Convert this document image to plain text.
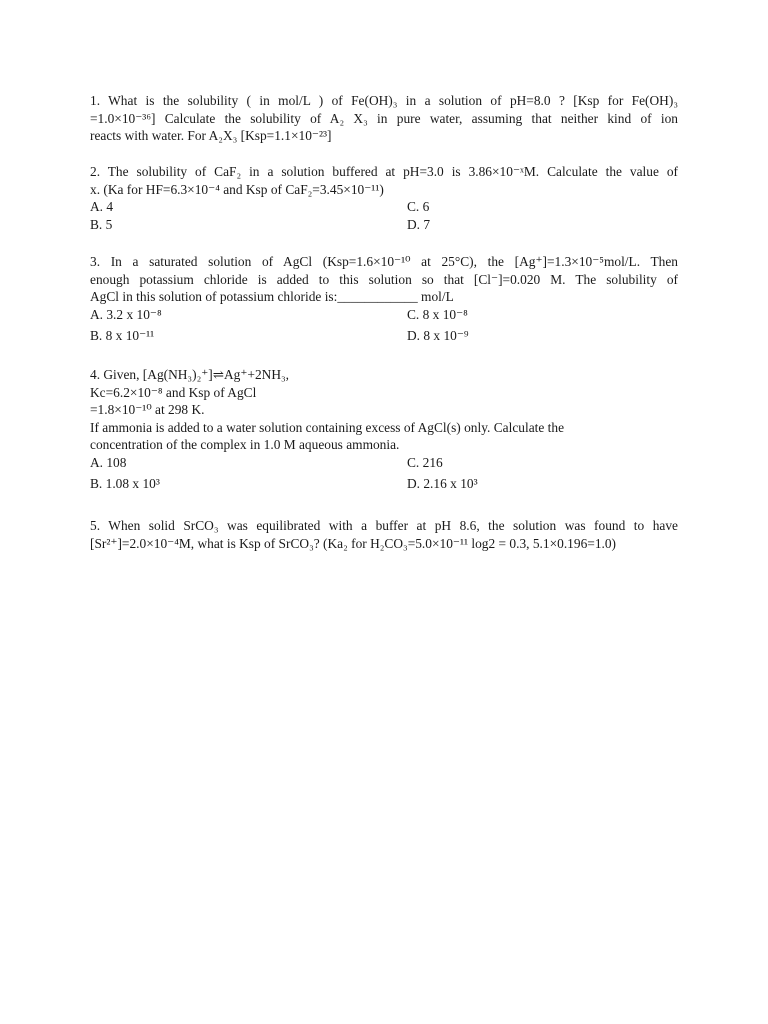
1. What is the solubility ( in mol/L ) of Fe(OH)₃ in a solution of pH=8.0 ? [Ksp for Fe(OH)₃

=1.0×10⁻³⁶] Calculate the solubility of A₂ X₃ in pure water, assuming that neither kind of ion

reacts with water. For A₂X₃ [Ksp=1.1×10⁻²³]

2. The solubility of CaF₂ in a solution buffered at pH=3.0 is 3.86×10⁻ˣM. Calculate the value of

x. (Ka for HF=6.3×10⁻⁴ and Ksp of CaF₂=3.45×10⁻¹¹)

A. 4	C. 6
B. 5	D. 7

3. In a saturated solution of AgCl (Ksp=1.6×10⁻¹⁰ at 25°C), the [Ag⁺]=1.3×10⁻⁵mol/L. Then

enough potassium chloride is added to this solution so that [Cl⁻]=0.020 M. The solubility of

AgCl in this solution of potassium chloride is:____________ mol/L

A. 3.2 x 10⁻⁸	C. 8 x 10⁻⁸
B. 8 x 10⁻¹¹	D. 8 x 10⁻⁹

4. Given, [Ag(NH₃)₂⁺]⇌Ag⁺+2NH₃,

Kc=6.2×10⁻⁸ and Ksp of AgCl

=1.8×10⁻¹⁰ at 298 K.

If ammonia is added to a water solution containing excess of AgCl(s) only. Calculate the

concentration of the complex in 1.0 M aqueous ammonia.

A. 108	C. 216
B. 1.08 x 10³	D. 2.16 x 10³

5. When solid SrCO₃ was equilibrated with a buffer at pH 8.6, the solution was found to have

[Sr²⁺]=2.0×10⁻⁴M, what is Ksp of SrCO₃? (Ka₂ for H₂CO₃=5.0×10⁻¹¹ log2 = 0.3, 5.1×0.196=1.0)
